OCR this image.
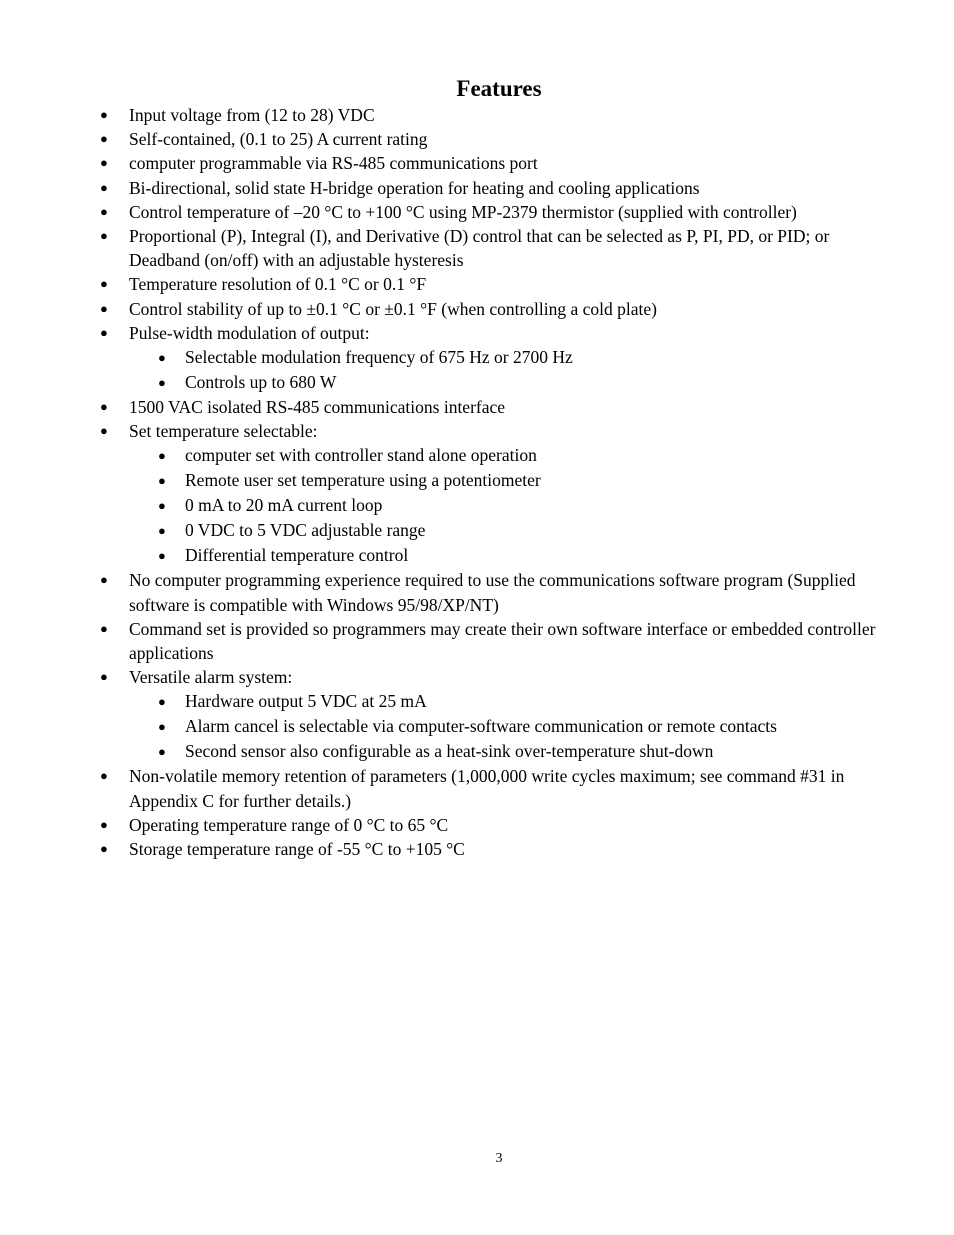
Features
● Input voltage from (12 to 28) VDC
● Self-contained, (0.1 to 25) A current rating
● computer programmable via RS-485 communications port
● Bi-directional, solid state H-bridge operation for heating and cooling applications
● Control temperature of –20 °C to +100 °C using MP-2379 thermistor (supplied with controller)
● Proportional (P), Integral (I), and Derivative (D) control that can be selected as P, PI, PD, or PID; or Deadband (on/off) with an adjustable hysteresis
● Temperature resolution of 0.1 °C or 0.1 °F
● Control stability of up to ±0.1 °C or ±0.1 °F (when controlling a cold plate)
● Pulse-width modulation of output:
● Selectable modulation frequency of 675 Hz or 2700 Hz
● Controls up to 680 W
● 1500 VAC isolated RS-485 communications interface
● Set temperature selectable:
● computer set with controller stand alone operation
● Remote user set temperature using a potentiometer
● 0 mA to 20 mA current loop
● 0 VDC to 5 VDC adjustable range
● Differential temperature control
● No computer programming experience required to use the communications software program (Supplied software is compatible with Windows 95/98/XP/NT)
● Command set is provided so programmers may create their own software interface or embedded controller applications
● Versatile alarm system:
● Hardware output 5 VDC at 25 mA
● Alarm cancel is selectable via computer-software communication or remote contacts
● Second sensor also configurable as a heat-sink over-temperature shut-down
● Non-volatile memory retention of parameters (1,000,000 write cycles maximum; see command #31 in Appendix C for further details.)
● Operating temperature range of 0 °C to 65 °C
● Storage temperature range of -55 °C to +105 °C
3
